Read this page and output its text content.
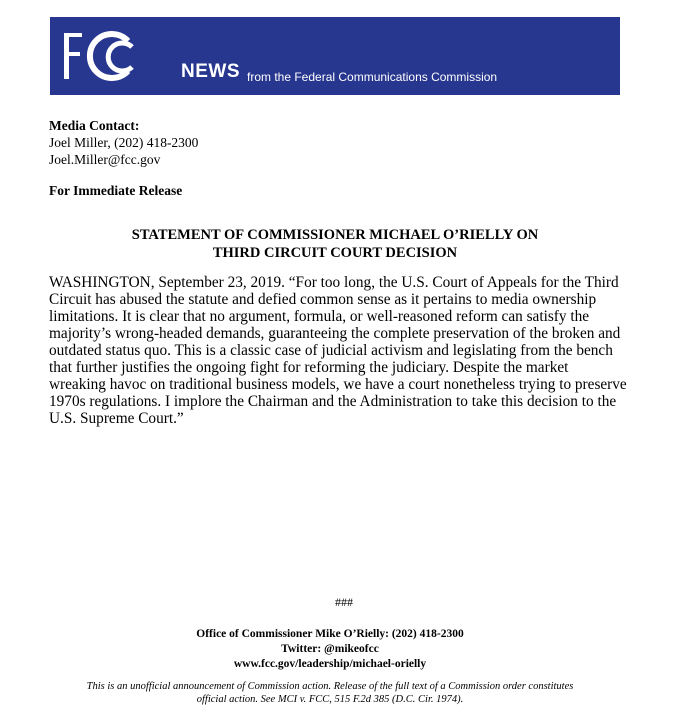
NEWS from the Federal Communications Commission
Media Contact:
Joel Miller, (202) 418-2300
Joel.Miller@fcc.gov
For Immediate Release
STATEMENT OF COMMISSIONER MICHAEL O’RIELLY ON
THIRD CIRCUIT COURT DECISION

WASHINGTON, September 23, 2019. “For too long, the U.S. Court of Appeals for the Third Circuit has abused the statute and defied common sense as it pertains to media ownership limitations. It is clear that no argument, formula, or well-reasoned reform can satisfy the majority’s wrong-headed demands, guaranteeing the complete preservation of the broken and outdated status quo. This is a classic case of judicial activism and legislating from the bench that further justifies the ongoing fight for reforming the judiciary. Despite the market wreaking havoc on traditional business models, we have a court nonetheless trying to preserve 1970s regulations. I implore the Chairman and the Administration to take this decision to the U.S. Supreme Court.”

###
Office of Commissioner Mike O’Rielly: (202) 418-2300
Twitter: @mikeofcc
www.fcc.gov/leadership/michael-orielly
This is an unofficial announcement of Commission action. Release of the full text of a Commission order constitutes
official action. See MCI v. FCC, 515 F.2d 385 (D.C. Cir. 1974).
